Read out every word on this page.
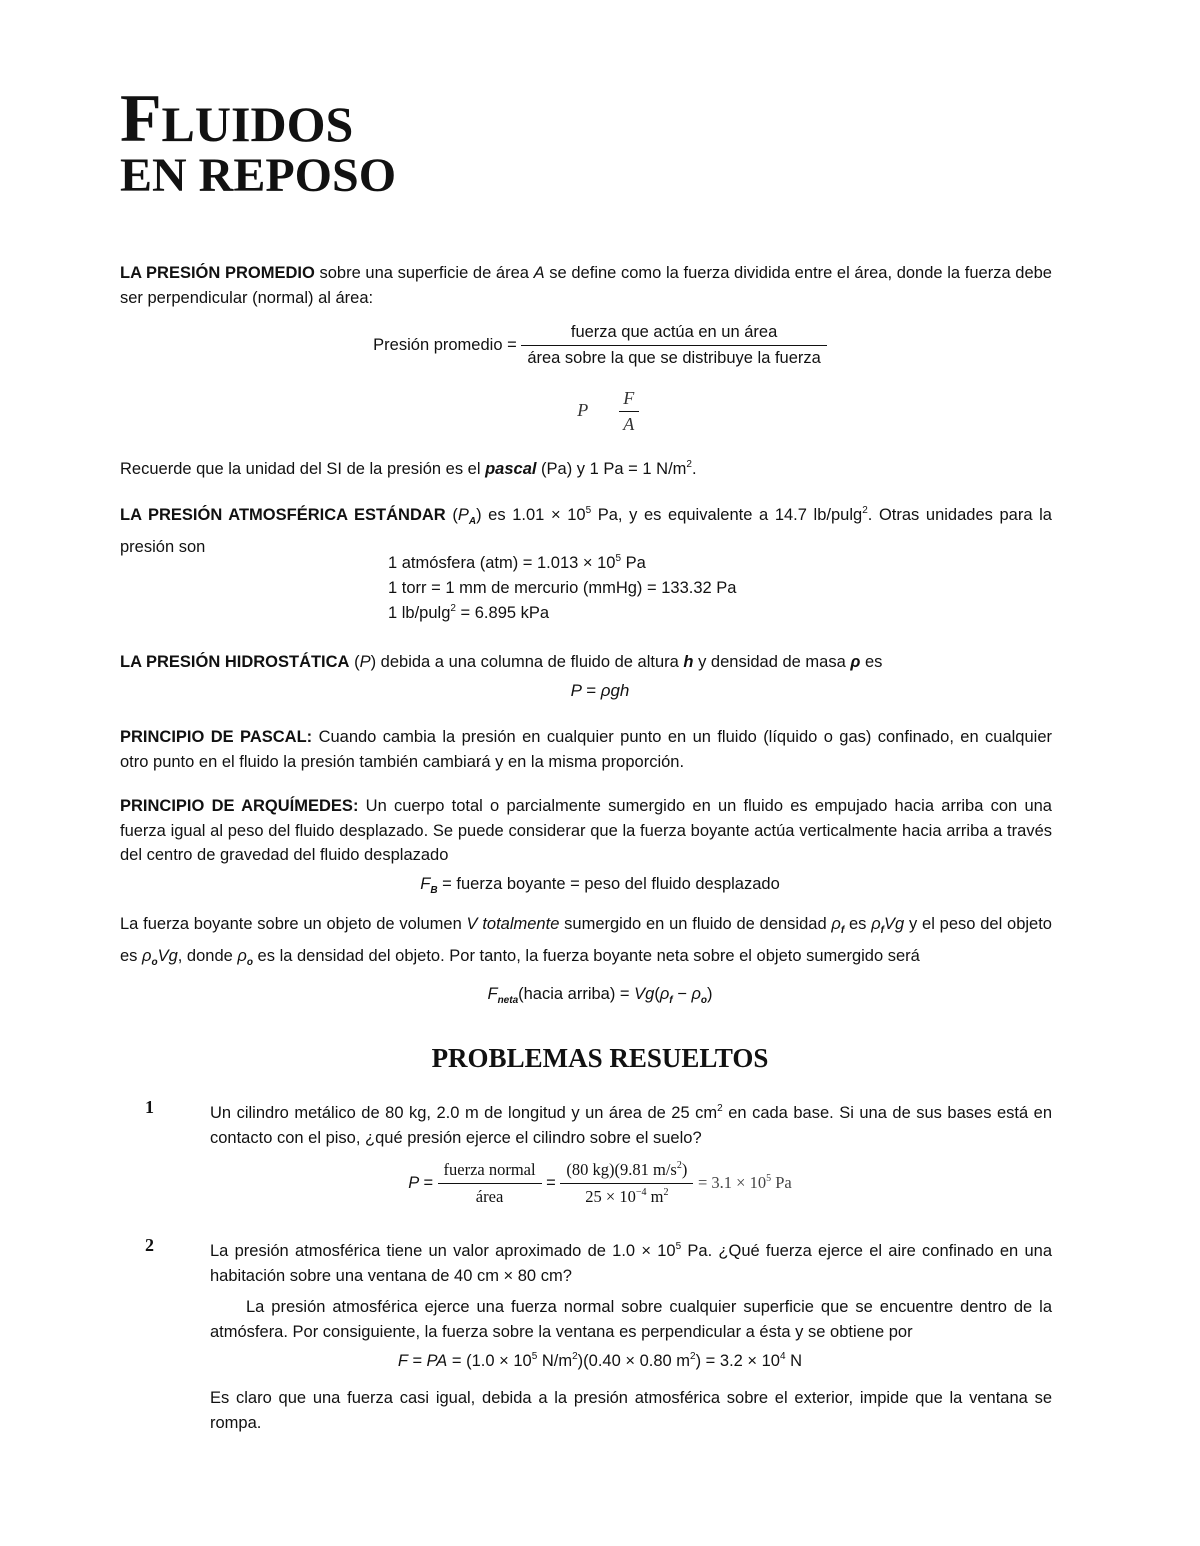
FLUIDOS
EN REPOSO
LA PRESIÓN PROMEDIO sobre una superficie de área A se define como la fuerza dividida entre el área, donde la fuerza debe ser perpendicular (normal) al área:
Presión promedio = $\frac{\text{fuerza que actúa en un área}}{\text{área sobre la que se distribuye la fuerza}}$
P $\frac{F}{A}$
Recuerde que la unidad del SI de la presión es el pascal (Pa) y 1 Pa = 1 $N/m^2$.
LA PRESIÓN ATMOSFÉRICA ESTÁNDAR $(P_A)$ es $1.01 \times 10^5$ Pa, y es equivalente a 14.7 lb/pulg$^2$. Otras unidades para la presión son
1 atmósfera $(atm) = 1.013 \times 10^5$ Pa
1 torr = 1 mm de mercurio (mmHg) = 133.32 Pa
1 lb/pulg$^2$ = 6.895 kPa
LA PRESIÓN HIDROSTÁTICA (P) debida a una columna de fluido de altura h y densidad de masa ρ es
P = ρgh
PRINCIPIO DE PASCAL: Cuando cambia la presión en cualquier punto en un fluido (líquido o gas) confinado, en cualquier otro punto en el fluido la presión también cambiará y en la misma proporción.
PRINCIPIO DE ARQUÍMEDES: Un cuerpo total o parcialmente sumergido en un fluido es empujado hacia arriba con una fuerza igual al peso del fluido desplazado. Se puede considerar que la fuerza boyante actúa verticalmente hacia arriba a través del centro de gravedad del fluido desplazado
$F_B$ = fuerza boyante = peso del fluido desplazado
La fuerza boyante sobre un objeto de volumen V totalmente sumergido en un fluido de densidad $\rho_f$ es $\rho_fVg$ y el peso del objeto es $\rho_oVg$, donde $\rho_o$ es la densidad del objeto. Por tanto, la fuerza boyante neta sobre el objeto sumergido será
$F_{neta}(hacia$ arriba) = $Vg(\rho_f - \rho_o)$
PROBLEMAS RESUELTOS
1	Un cilindro metálico de 80 kg, 2.0 m de longitud y un área de 25 $cm^2$ en cada base. Si una de sus bases está en contacto con el piso, ¿qué presión ejerce el cilindro sobre el suelo?
$P = \frac{\text{fuerza normal}}{\text{área}} = \frac{(80 kg)(9.81 m/s^2)}{25 \times 10^{-4} m^2} = 3.1 \times 10^5$ Pa
2	La presión atmosférica tiene un valor aproximado de $1.0 \times 10^5$ Pa. ¿Qué fuerza ejerce el aire confinado en una habitación sobre una ventana de 40 cm × 80 cm?
La presión atmosférica ejerce una fuerza normal sobre cualquier superficie que se encuentre dentro de la atmósfera. Por consiguiente, la fuerza sobre la ventana es perpendicular a ésta y se obtiene por
F = PA = ($1.0 \times 10^5$ $N/m^2)(0.40 \times 0.80$ $m^2) = 3.2 \times 10^4$ N
Es claro que una fuerza casi igual, debida a la presión atmosférica sobre el exterior, impide que la ventana se rompa.
